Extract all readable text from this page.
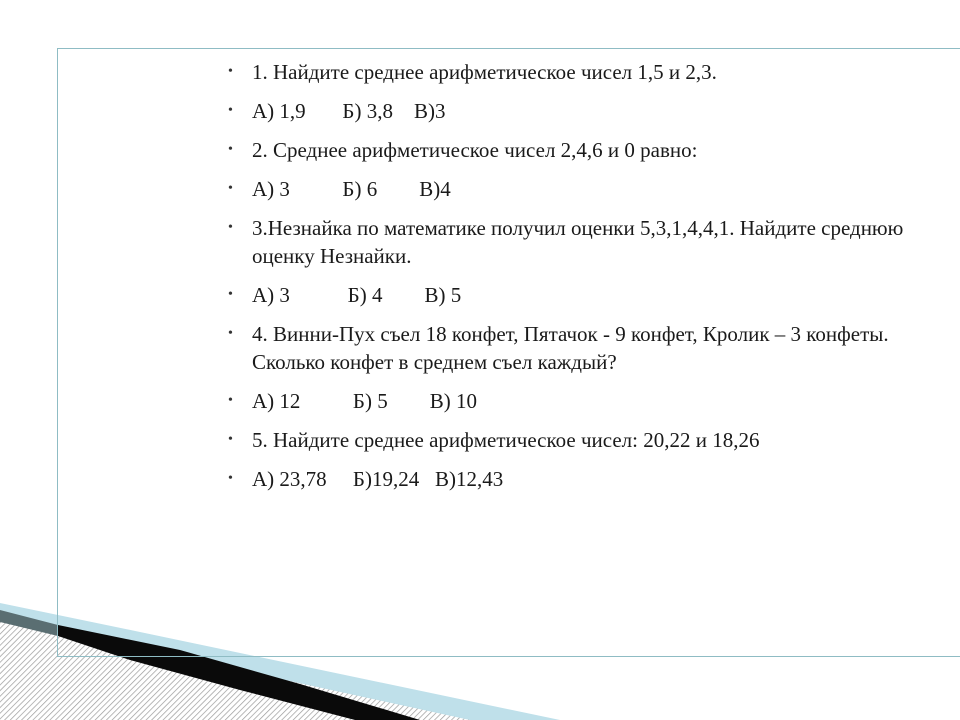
• 1. Найдите среднее арифметическое чисел 1,5 и 2,3.
• А) 1,9       Б) 3,8    В)3
• 2. Среднее арифметическое чисел 2,4,6 и 0 равно:
• А) 3          Б) 6        В)4
• 3.Незнайка по математике получил оценки 5,3,1,4,4,1. Найдите среднюю оценку Незнайки.
• А) 3           Б) 4        В) 5
• 4. Винни-Пух съел 18 конфет, Пятачок - 9 конфет, Кролик – 3 конфеты. Сколько конфет в среднем съел каждый?
• А) 12          Б) 5        В) 10
• 5. Найдите среднее арифметическое чисел: 20,22 и 18,26
• А) 23,78     Б)19,24   В)12,43
